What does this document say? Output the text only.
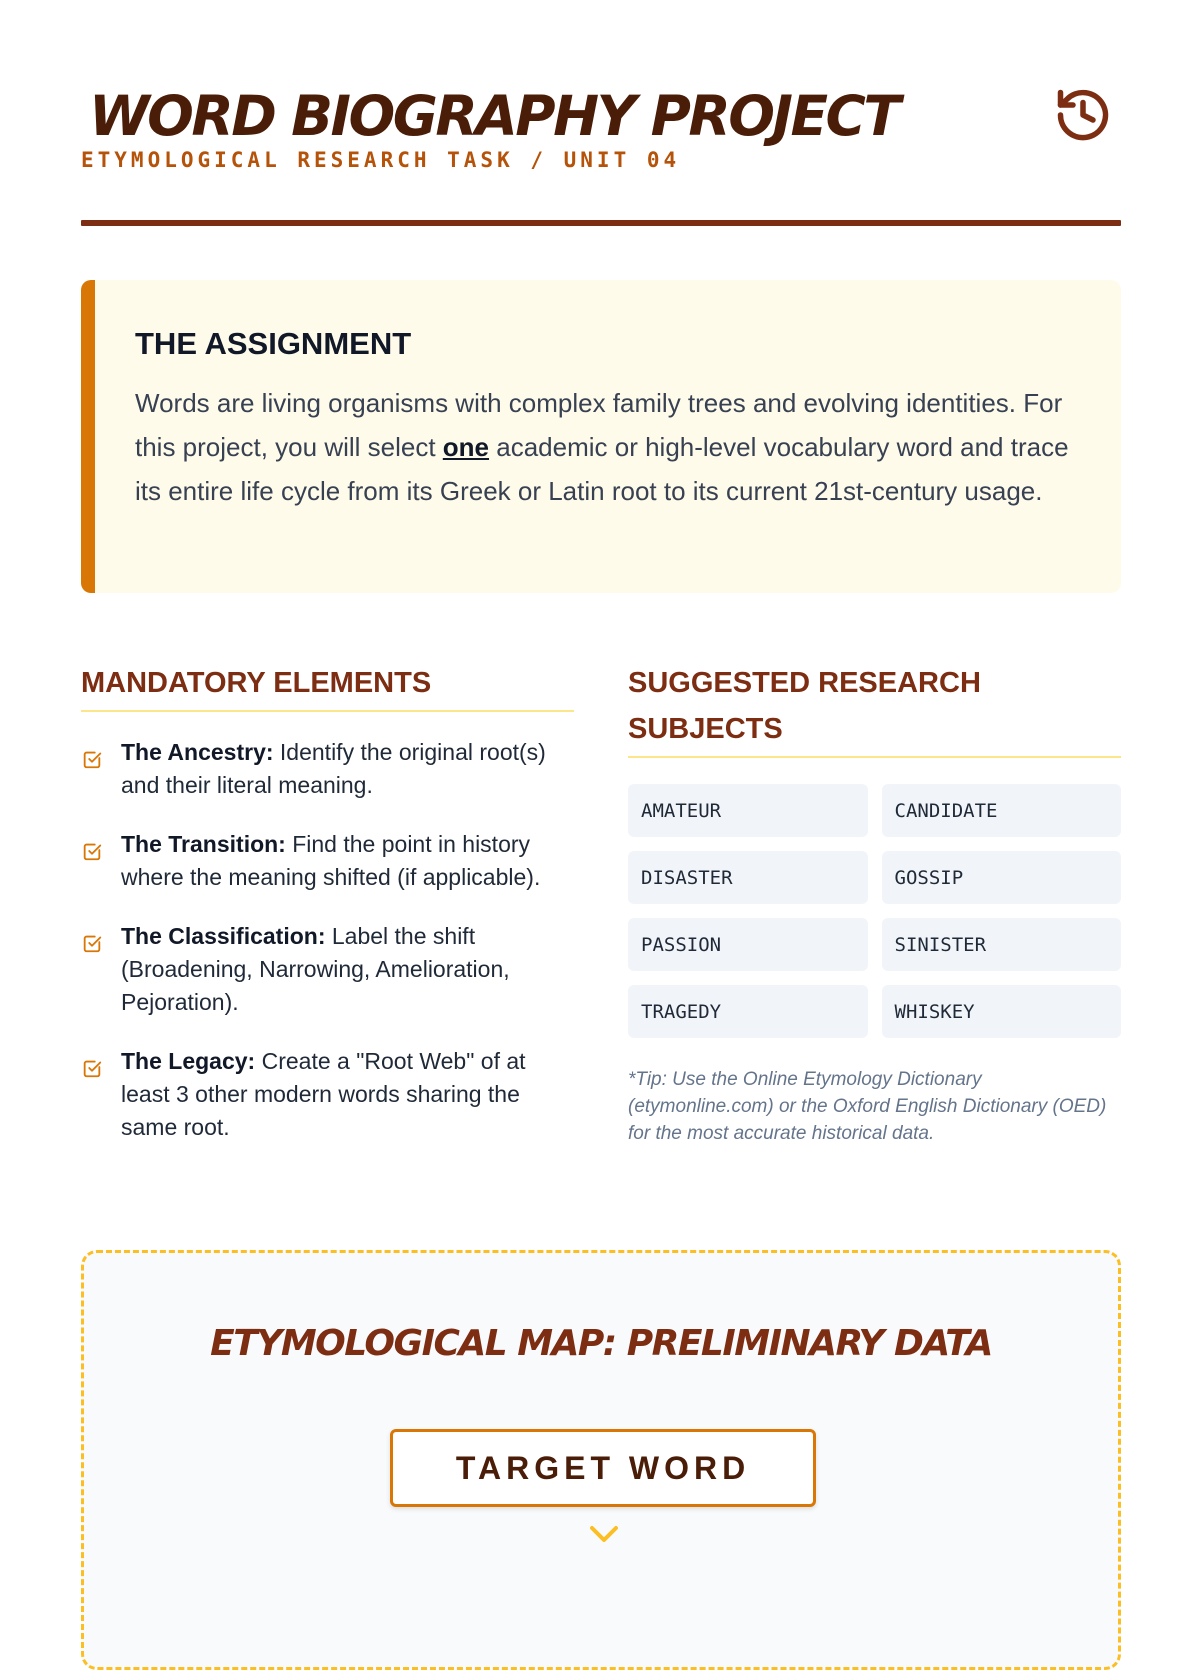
WORD BIOGRAPHY PROJECT
ETYMOLOGICAL RESEARCH TASK / UNIT 04
THE ASSIGNMENT

Words are living organisms with complex family trees and evolving identities. For this project, you will select one academic or high-level vocabulary word and trace its entire life cycle from its Greek or Latin root to its current 21st-century usage.

MANDATORY ELEMENTS
The Ancestry: Identify the original root(s) and their literal meaning.
The Transition: Find the point in history where the meaning shifted (if applicable).
The Classification: Label the shift (Broadening, Narrowing, Amelioration, Pejoration).
The Legacy: Create a "Root Web" of at least 3 other modern words sharing the same root.
SUGGESTED RESEARCH SUBJECTS
AMATEUR	CANDIDATE
DISASTER	GOSSIP
PASSION	SINISTER
TRAGEDY	WHISKEY

*Tip: Use the Online Etymology Dictionary (etymonline.com) or the Oxford English Dictionary (OED) for the most accurate historical data.

ETYMOLOGICAL MAP: PRELIMINARY DATA
TARGET WORD
